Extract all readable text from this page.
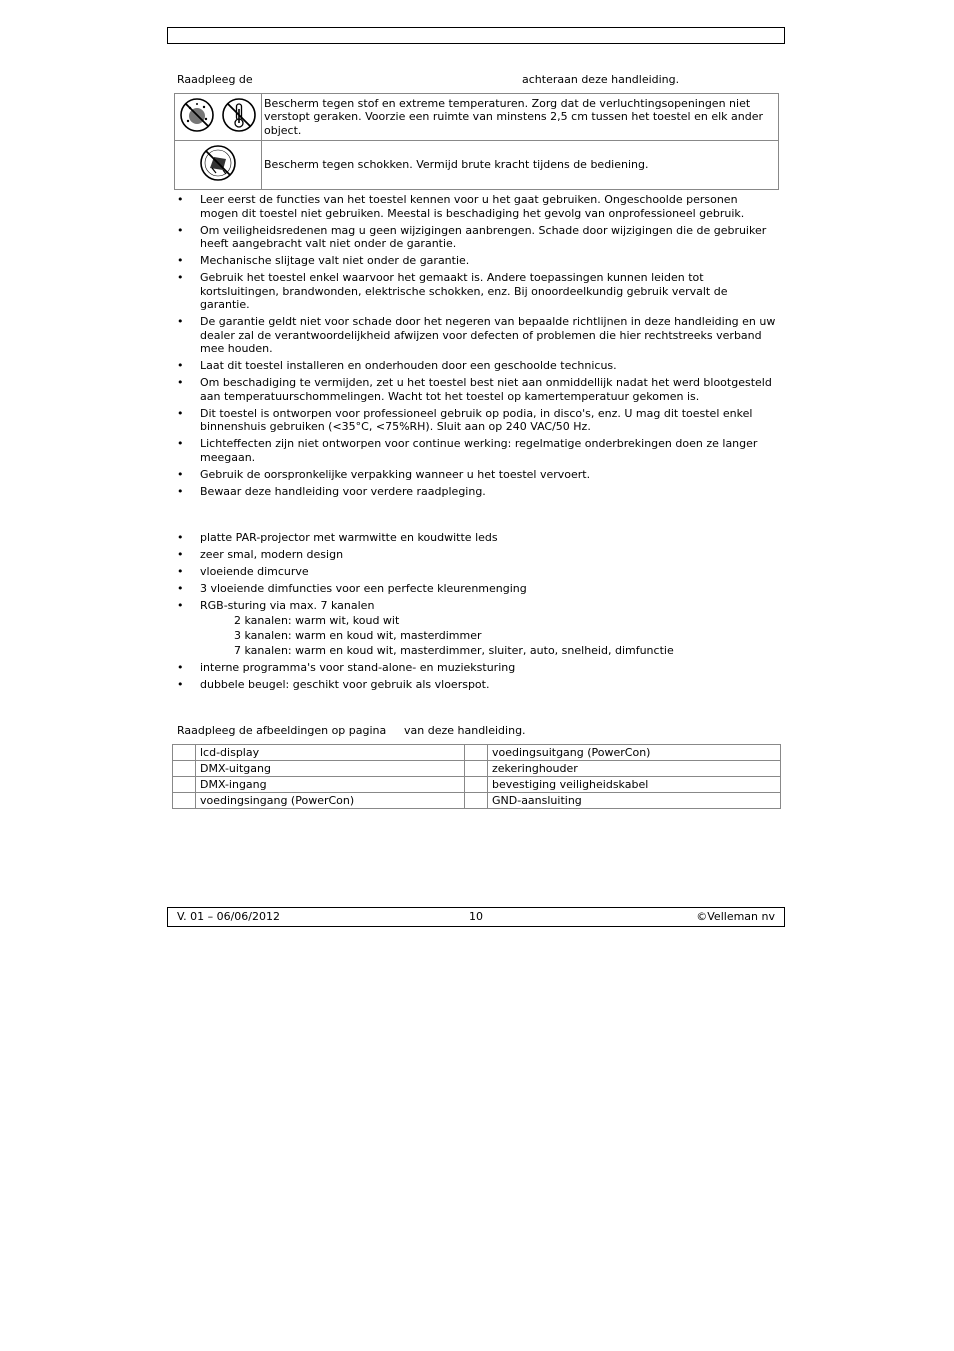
Raadpleeg de	achteraan deze handleiding.
	Bescherm tegen stof en extreme temperaturen. Zorg dat de verluchtingsopeningen niet verstopt geraken. Voorzie een ruimte van minstens 2,5 cm tussen het toestel en elk ander object.
	Bescherm tegen schokken. Vermijd brute kracht tijdens de bediening.
• Leer eerst de functies van het toestel kennen voor u het gaat gebruiken. Ongeschoolde personen mogen dit toestel niet gebruiken. Meestal is beschadiging het gevolg van onprofessioneel gebruik.
• Om veiligheidsredenen mag u geen wijzigingen aanbrengen. Schade door wijzigingen die de gebruiker heeft aangebracht valt niet onder de garantie.
• Mechanische slijtage valt niet onder de garantie.
• Gebruik het toestel enkel waarvoor het gemaakt is. Andere toepassingen kunnen leiden tot kortsluitingen, brandwonden, elektrische schokken, enz. Bij onoordeelkundig gebruik vervalt de garantie.
• De garantie geldt niet voor schade door het negeren van bepaalde richtlijnen in deze handleiding en uw dealer zal de verantwoordelijkheid afwijzen voor defecten of problemen die hier rechtstreeks verband mee houden.
• Laat dit toestel installeren en onderhouden door een geschoolde technicus.
• Om beschadiging te vermijden, zet u het toestel best niet aan onmiddellijk nadat het werd blootgesteld aan temperatuurschommelingen. Wacht tot het toestel op kamertemperatuur gekomen is.
• Dit toestel is ontworpen voor professioneel gebruik op podia, in disco's, enz. U mag dit toestel enkel binnenshuis gebruiken (<35°C, <75%RH). Sluit aan op 240 VAC/50 Hz.
• Lichteffecten zijn niet ontworpen voor continue werking: regelmatige onderbrekingen doen ze langer meegaan.
• Gebruik de oorspronkelijke verpakking wanneer u het toestel vervoert.
• Bewaar deze handleiding voor verdere raadpleging.
• platte PAR-projector met warmwitte en koudwitte leds
• zeer smal, modern design
• vloeiende dimcurve
• 3 vloeiende dimfuncties voor een perfecte kleurenmenging
• RGB-sturing via max. 7 kanalen
2 kanalen: warm wit, koud wit
3 kanalen: warm en koud wit, masterdimmer
7 kanalen: warm en koud wit, masterdimmer, sluiter, auto, snelheid, dimfunctie
• interne programma's voor stand-alone- en muzieksturing
• dubbele beugel: geschikt voor gebruik als vloerspot.
Raadpleeg de afbeeldingen op pagina van deze handleiding.
	lcd-display		voedingsuitgang (PowerCon)
	DMX-uitgang		zekeringhouder
	DMX-ingang		bevestiging veiligheidskabel
	voedingsingang (PowerCon)		GND-aansluiting
V. 01 – 06/06/2012	10	©Velleman nv
